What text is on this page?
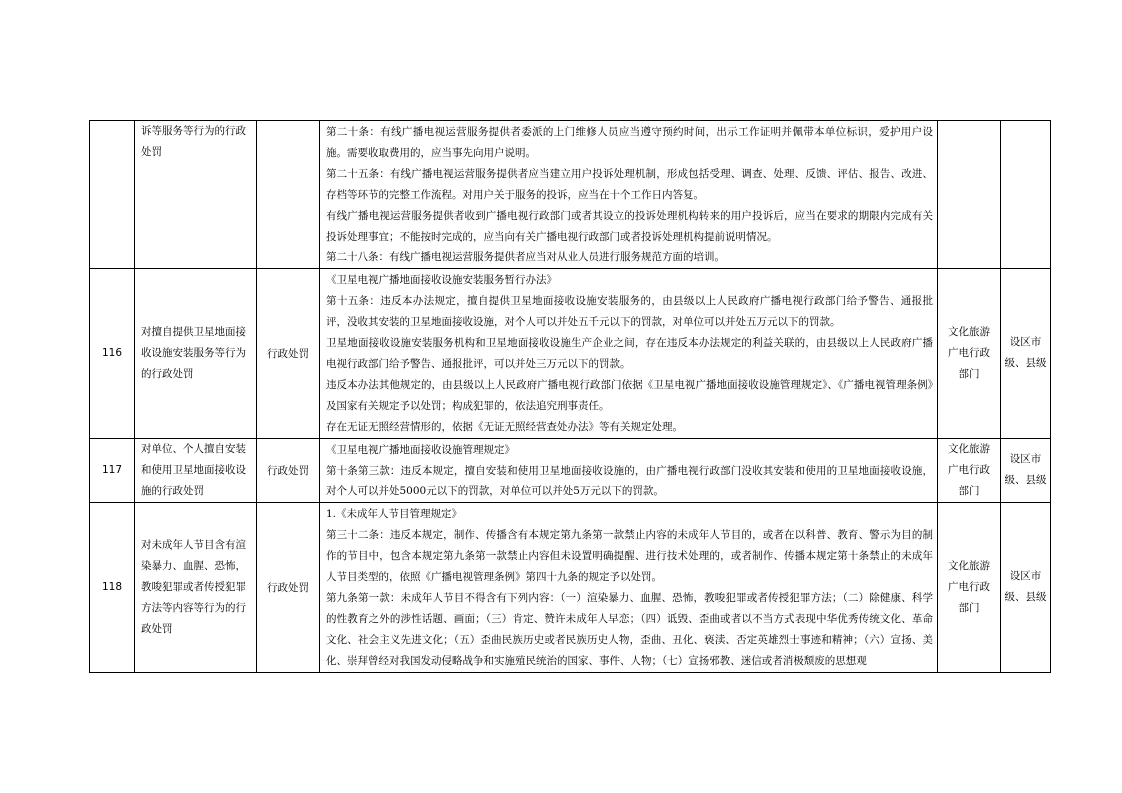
	诉等服务等行为的行政处罚		第二十条：有线广播电视运营服务提供者委派的上门维修人员应当遵守预约时间，出示工作证明并佩带本单位标识，爱护用户设施。需要收取费用的，应当事先向用户说明。
第二十五条：有线广播电视运营服务提供者应当建立用户投诉处理机制，形成包括受理、调查、处理、反馈、评估、报告、改进、存档等环节的完整工作流程。对用户关于服务的投诉，应当在十个工作日内答复。
有线广播电视运营服务提供者收到广播电视行政部门或者其设立的投诉处理机构转来的用户投诉后，应当在要求的期限内完成有关投诉处理事宜；不能按时完成的，应当向有关广播电视行政部门或者投诉处理机构提前说明情况。
第二十八条：有线广播电视运营服务提供者应当对从业人员进行服务规范方面的培训。		

116	对擅自提供卫星地面接收设施安装服务等行为的行政处罚	行政处罚	《卫星电视广播地面接收设施安装服务暂行办法》
第十五条：违反本办法规定，擅自提供卫星地面接收设施安装服务的，由县级以上人民政府广播电视行政部门给予警告、通报批评，没收其安装的卫星地面接收设施，对个人可以并处五千元以下的罚款，对单位可以并处五万元以下的罚款。
卫星地面接收设施安装服务机构和卫星地面接收设施生产企业之间，存在违反本办法规定的利益关联的，由县级以上人民政府广播电视行政部门给予警告、通报批评，可以并处三万元以下的罚款。
违反本办法其他规定的，由县级以上人民政府广播电视行政部门依据《卫星电视广播地面接收设施管理规定》、《广播电视管理条例》及国家有关规定予以处罚；构成犯罪的，依法追究刑事责任。
存在无证无照经营情形的，依据《无证无照经营查处办法》等有关规定处理。	文化旅游广电行政部门	设区市级、县级

117	对单位、个人擅自安装和使用卫星地面接收设施的行政处罚	行政处罚	《卫星电视广播地面接收设施管理规定》
第十条第三款：违反本规定，擅自安装和使用卫星地面接收设施的，由广播电视行政部门没收其安装和使用的卫星地面接收设施，对个人可以并处5000元以下的罚款，对单位可以并处5万元以下的罚款。	文化旅游广电行政部门	设区市级、县级

118	对未成年人节目含有渲染暴力、血腥、恐怖，教唆犯罪或者传授犯罪方法等内容等行为的行政处罚	行政处罚	1.《未成年人节目管理规定》
第三十二条：违反本规定，制作、传播含有本规定第九条第一款禁止内容的未成年人节目的，或者在以科普、教育、警示为目的制作的节目中，包含本规定第九条第一款禁止内容但未设置明确提醒、进行技术处理的，或者制作、传播本规定第十条禁止的未成年人节目类型的，依照《广播电视管理条例》第四十九条的规定予以处罚。
第九条第一款：未成年人节目不得含有下列内容：（一）渲染暴力、血腥、恐怖，教唆犯罪或者传授犯罪方法；（二）除健康、科学的性教育之外的涉性话题、画面；（三）肯定、赞许未成年人早恋；（四）诋毁、歪曲或者以不当方式表现中华优秀传统文化、革命文化、社会主义先进文化；（五）歪曲民族历史或者民族历史人物，歪曲、丑化、亵渎、否定英雄烈士事迹和精神；（六）宣扬、美化、崇拜曾经对我国发动侵略战争和实施殖民统治的国家、事件、人物；（七）宣扬邪教、迷信或者消极颓废的思想观	文化旅游广电行政部门	设区市级、县级
